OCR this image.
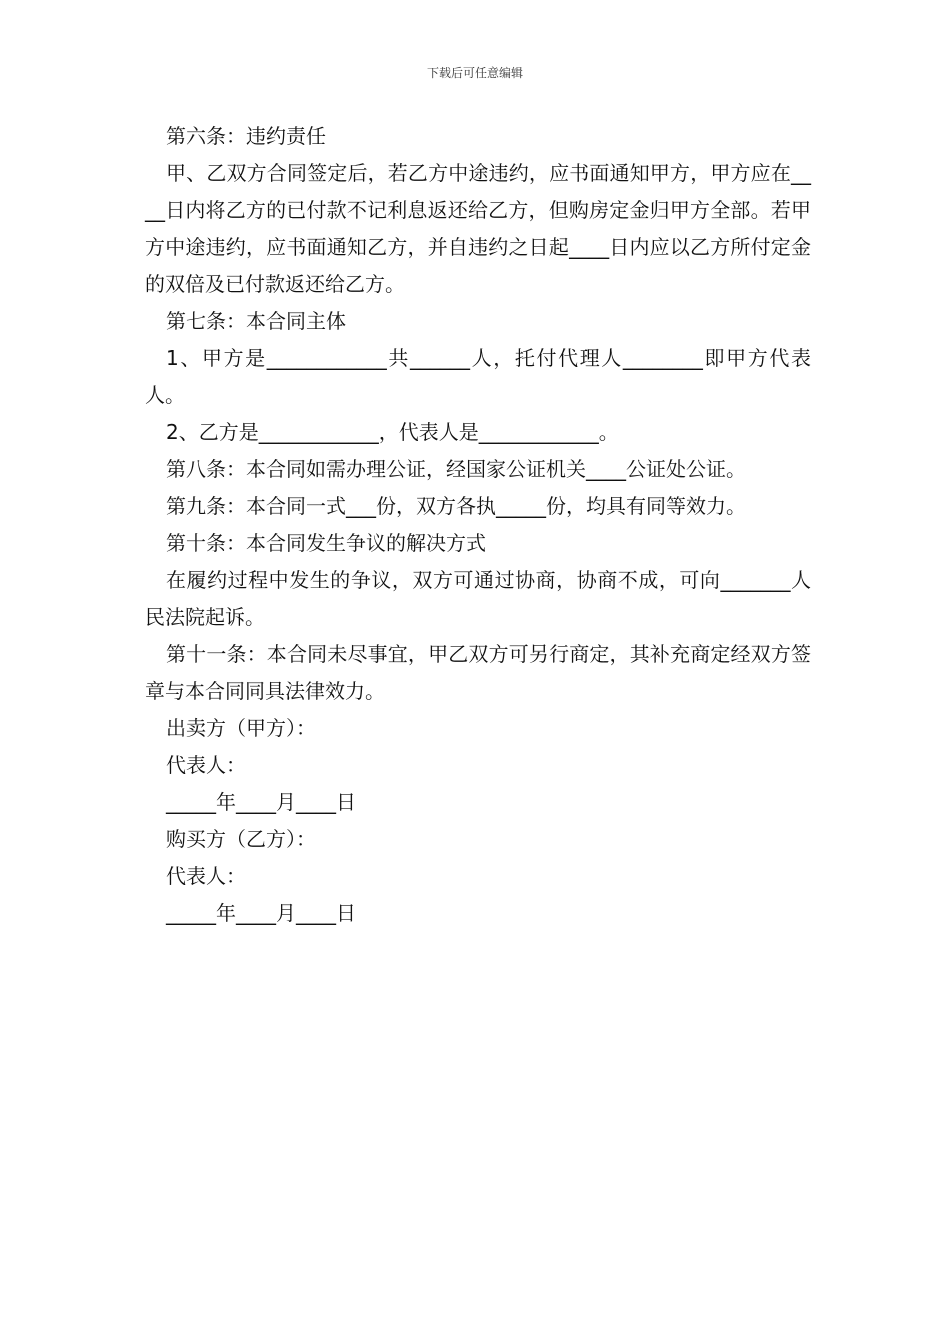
下载后可任意编辑

第六条：违约责任

甲、乙双方合同签定后，若乙方中途违约，应书面通知甲方，甲方应在____日内将乙方的已付款不记利息返还给乙方，但购房定金归甲方全部。若甲方中途违约，应书面通知乙方，并自违约之日起____日内应以乙方所付定金的双倍及已付款返还给乙方。

第七条：本合同主体

1、甲方是____________共______人，托付代理人________即甲方代表人。

2、乙方是____________，代表人是____________。

第八条：本合同如需办理公证，经国家公证机关____公证处公证。

第九条：本合同一式___份，双方各执_____份，均具有同等效力。

第十条：本合同发生争议的解决方式

在履约过程中发生的争议，双方可通过协商，协商不成，可向_______人民法院起诉。

第十一条：本合同未尽事宜，甲乙双方可另行商定，其补充商定经双方签章与本合同同具法律效力。

出卖方（甲方）：

代表人：

_____年____月____日

购买方（乙方）：

代表人：

_____年____月____日
